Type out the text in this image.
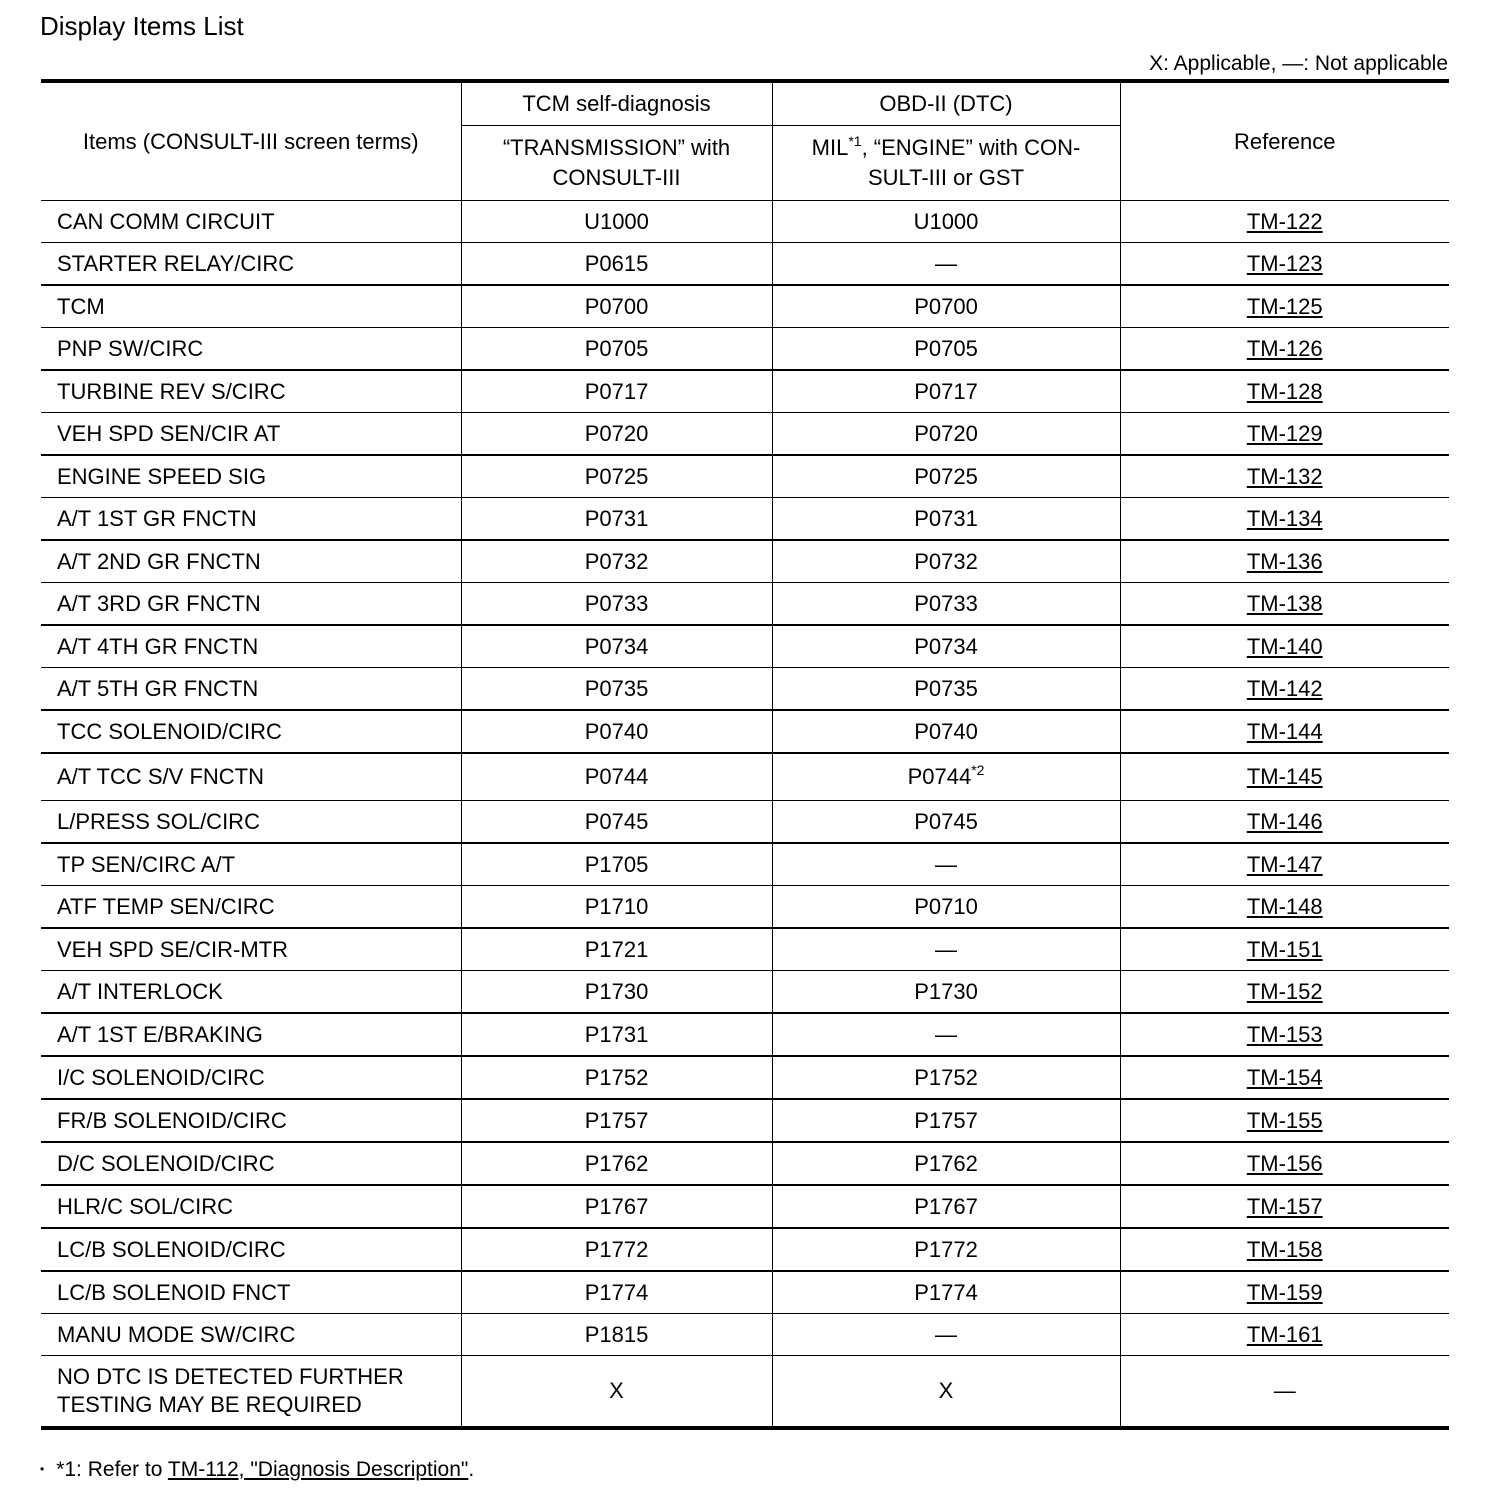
Display Items List
X: Applicable, —: Not applicable
Items (CONSULT-III screen terms)	TCM self-diagnosis	OBD-II (DTC)	Reference
	“TRANSMISSION” with CONSULT-III	MIL$^{*1}$, “ENGINE” with CON-SULT-III or GST	
CAN COMM CIRCUIT	U1000	U1000	TM-122
STARTER RELAY/CIRC	P0615	—	TM-123
TCM	P0700	P0700	TM-125
PNP SW/CIRC	P0705	P0705	TM-126
TURBINE REV S/CIRC	P0717	P0717	TM-128
VEH SPD SEN/CIR AT	P0720	P0720	TM-129
ENGINE SPEED SIG	P0725	P0725	TM-132
A/T 1ST GR FNCTN	P0731	P0731	TM-134
A/T 2ND GR FNCTN	P0732	P0732	TM-136
A/T 3RD GR FNCTN	P0733	P0733	TM-138
A/T 4TH GR FNCTN	P0734	P0734	TM-140
A/T 5TH GR FNCTN	P0735	P0735	TM-142
TCC SOLENOID/CIRC	P0740	P0740	TM-144
A/T TCC S/V FNCTN	P0744	P0744$^{*2}$	TM-145
L/PRESS SOL/CIRC	P0745	P0745	TM-146
TP SEN/CIRC A/T	P1705	—	TM-147
ATF TEMP SEN/CIRC	P1710	P0710	TM-148
VEH SPD SE/CIR-MTR	P1721	—	TM-151
A/T INTERLOCK	P1730	P1730	TM-152
A/T 1ST E/BRAKING	P1731	—	TM-153
I/C SOLENOID/CIRC	P1752	P1752	TM-154
FR/B SOLENOID/CIRC	P1757	P1757	TM-155
D/C SOLENOID/CIRC	P1762	P1762	TM-156
HLR/C SOL/CIRC	P1767	P1767	TM-157
LC/B SOLENOID/CIRC	P1772	P1772	TM-158
LC/B SOLENOID FNCT	P1774	P1774	TM-159
MANU MODE SW/CIRC	P1815	—	TM-161
NO DTC IS DETECTED FURTHER
TESTING MAY BE REQUIRED	X	X	—
• *1: Refer to TM-112, "Diagnosis Description".
